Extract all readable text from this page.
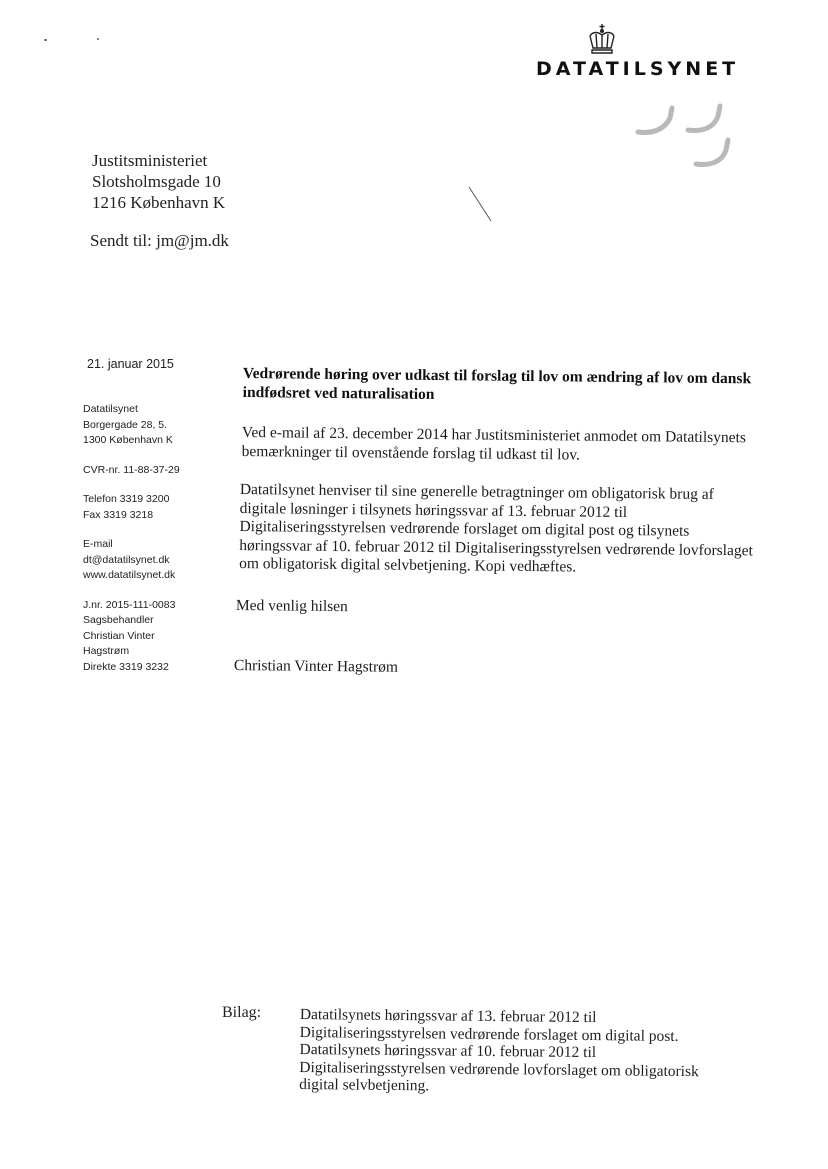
DATATILSYNET
Justitsministeriet
Slotsholmsgade 10
1216 København K
Sendt til: jm@jm.dk
21. januar 2015
Datatilsynet
Borgergade 28, 5.
1300 København K
CVR-nr. 11-88-37-29
Telefon 3319 3200
Fax 3319 3218
E-mail
dt@datatilsynet.dk
www.datatilsynet.dk
J.nr. 2015-111-0083
Sagsbehandler
Christian Vinter
Hagstrøm
Direkte 3319 3232
Vedrørende høring over udkast til forslag til lov om ændring af lov om dansk indfødsret ved naturalisation
Ved e-mail af 23. december 2014 har Justitsministeriet anmodet om Datatilsynets bemærkninger til ovenstående forslag til udkast til lov.
Datatilsynet henviser til sine generelle betragtninger om obligatorisk brug af digitale løsninger i tilsynets høringssvar af 13. februar 2012 til Digitaliseringsstyrelsen vedrørende forslaget om digital post og tilsynets høringssvar af 10. februar 2012 til Digitaliseringsstyrelsen vedrørende lovforslaget om obligatorisk digital selvbetjening. Kopi vedhæftes.
Med venlig hilsen
Christian Vinter Hagstrøm
Bilag: Datatilsynets høringssvar af 13. februar 2012 til Digitaliseringsstyrelsen vedrørende forslaget om digital post.
Datatilsynets høringssvar af 10. februar 2012 til Digitaliseringsstyrelsen vedrørende lovforslaget om obligatorisk digital selvbetjening.
